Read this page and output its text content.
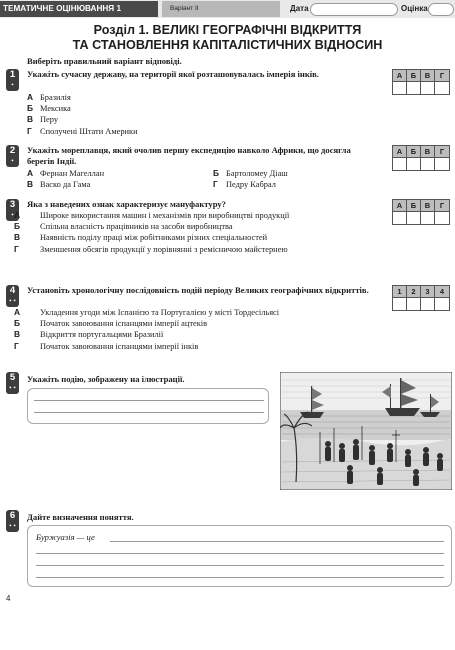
ТЕМАТИЧНЕ ОЦІНЮВАННЯ 1	Варіант ІІ	Дата	Оцінка
Розділ 1. ВЕЛИКІ ГЕОГРАФІЧНІ ВІДКРИТТЯ
ТА СТАНОВЛЕННЯ КАПІТАЛІСТИЧНИХ ВІДНОСИН
Виберіть правильний варіант відповіді.
1
•
Укажіть сучасну державу, на території якої розташовувалась імперія інків.
А Бразилія
Б Мексика
В Перу
Г Сполучені Штати Америки
А	Б	В	Г
2
•
Укажіть мореплавця, який очолив першу експедицію навколо Африки, що досягла берегів Індії.
А Фернан Магеллан
В Васко да Гама
Б Бартоломеу Діаш
Г Педру Кабрал
А	Б	В	Г
3
•
Яка з наведених ознак характеризує мануфактуру?
А Широке використання машин і механізмів при виробництві продукції
Б Спільна власність працівників на засоби виробництва
В Наявність поділу праці між робітниками різних спеціальностей
Г	Зменшення обсягів продукції у порівнянні з ремісничою майстернею
А	Б	В	Г
4
• •
Установіть хронологічну послідовність подій періоду Великих географічних відкриттів.
А Укладення угоди між Іспанією та Португалією у місті Тордесільясі
Б Початок завоювання іспанцями імперії ацтеків
В Відкриття португальцями Бразилії
Г	Початок завоювання іспанцями імперії інків
1	2	3	4
5
• •
Укажіть подію, зображену на ілюстрації.
6
• •
Дайте визначення поняття.
Буржуазія — це
4
